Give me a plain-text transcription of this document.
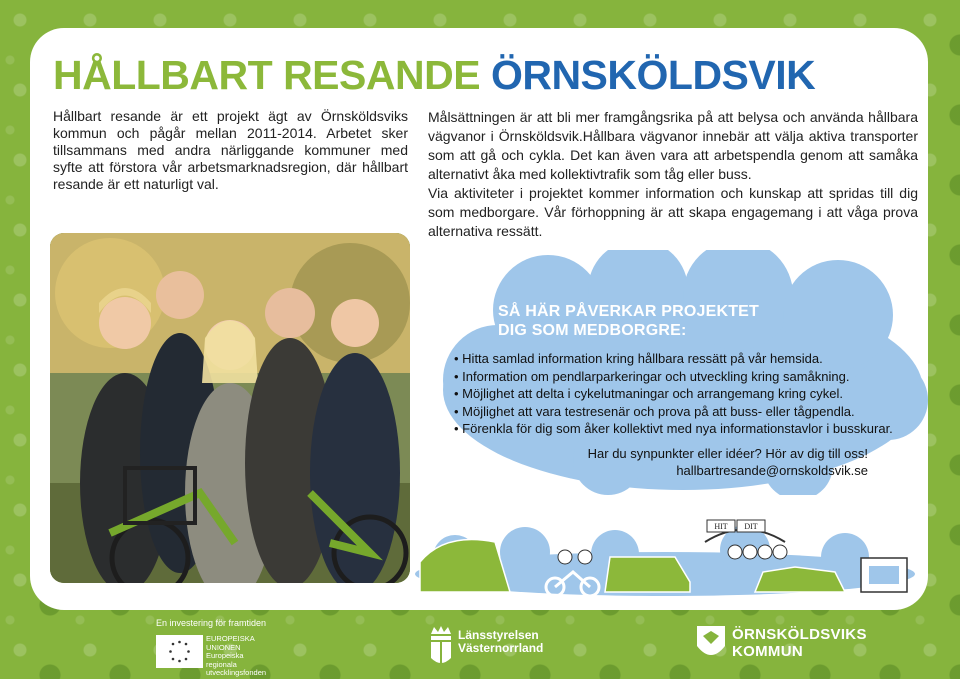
HÅLLBART RESANDE ÖRNSKÖLDSVIK
Hållbart resande är ett projekt ägt av Örnsköldsviks kommun och pågår mellan 2011-2014. Arbetet sker tillsammans med andra närliggande kommuner med syfte att förstora vår arbetsmarknadsregion, där hållbart resande är ett naturligt val.

Målsättningen är att bli mer framgångsrika på att belysa och använda hållbara vägvanor i Örnsköldsvik.Hållbara vägvanor innebär att välja aktiva transporter som att gå och cykla. Det kan även vara att arbetspendla genom att samåka alternativt åka med kollektivtrafik som tåg eller buss.

Via aktiviteter i projektet kommer information och kunskap att spridas till dig som medborgare. Vår förhoppning är att skapa engagemang i att våga prova alternativa ressätt.

SÅ HÄR PÅVERKAR PROJEKTET
DIG SOM MEDBORGRE:
• Hitta samlad information kring hållbara ressätt på vår hemsida.
• Information om pendlarparkeringar och utveckling kring samåkning.
• Möjlighet att delta i cykelutmaningar och arrangemang kring cykel.
• Möjlighet att vara testresenär och prova på att buss- eller tågpendla.
• Förenkla för dig som åker kollektivt med nya informationstavlor i busskurar.
Har du synpunkter eller idéer? Hör av dig till oss!
hallbartresande@ornskoldsvik.se
HIT DIT
En investering för framtiden
EUROPEISKA
UNIONEN
Europeiska
regionala
utvecklingsfonden
Länsstyrelsen
Västernorrland
ÖRNSKÖLDSVIKS
KOMMUN
